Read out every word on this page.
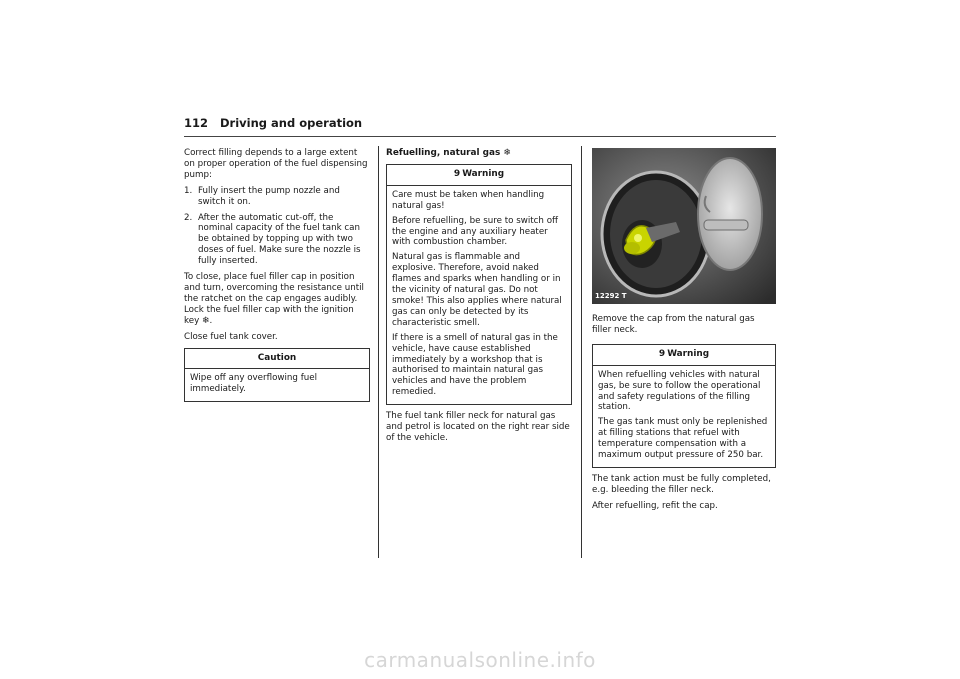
112 Driving and operation

Correct filling depends to a large extent on proper operation of the fuel dispensing pump:

1. Fully insert the pump nozzle and switch it on.
2. After the automatic cut-off, the nominal capacity of the fuel tank can be obtained by topping up with two doses of fuel. Make sure the nozzle is fully inserted.

To close, place fuel filler cap in position and turn, overcoming the resistance until the ratchet on the cap engages audibly. Lock the fuel filler cap with the ignition key ❄.

Close fuel tank cover.

Caution

Wipe off any overflowing fuel immediately.

Refuelling, natural gas ❄

9 Warning

Care must be taken when handling natural gas!

Before refuelling, be sure to switch off the engine and any auxiliary heater with combustion chamber.

Natural gas is flammable and explosive. Therefore, avoid naked flames and sparks when handling or in the vicinity of natural gas. Do not smoke! This also applies where natural gas can only be detected by its characteristic smell.

If there is a smell of natural gas in the vehicle, have cause established immediately by a workshop that is authorised to maintain natural gas vehicles and have the problem remedied.

The fuel tank filler neck for natural gas and petrol is located on the right rear side of the vehicle.

12292 T

Remove the cap from the natural gas filler neck.

9 Warning

When refuelling vehicles with natural gas, be sure to follow the operational and safety regulations of the filling station.

The gas tank must only be replenished at filling stations that refuel with temperature compensation with a maximum output pressure of 250 bar.

The tank action must be fully completed, e.g. bleeding the filler neck.

After refuelling, refit the cap.

carmanualsonline.info
